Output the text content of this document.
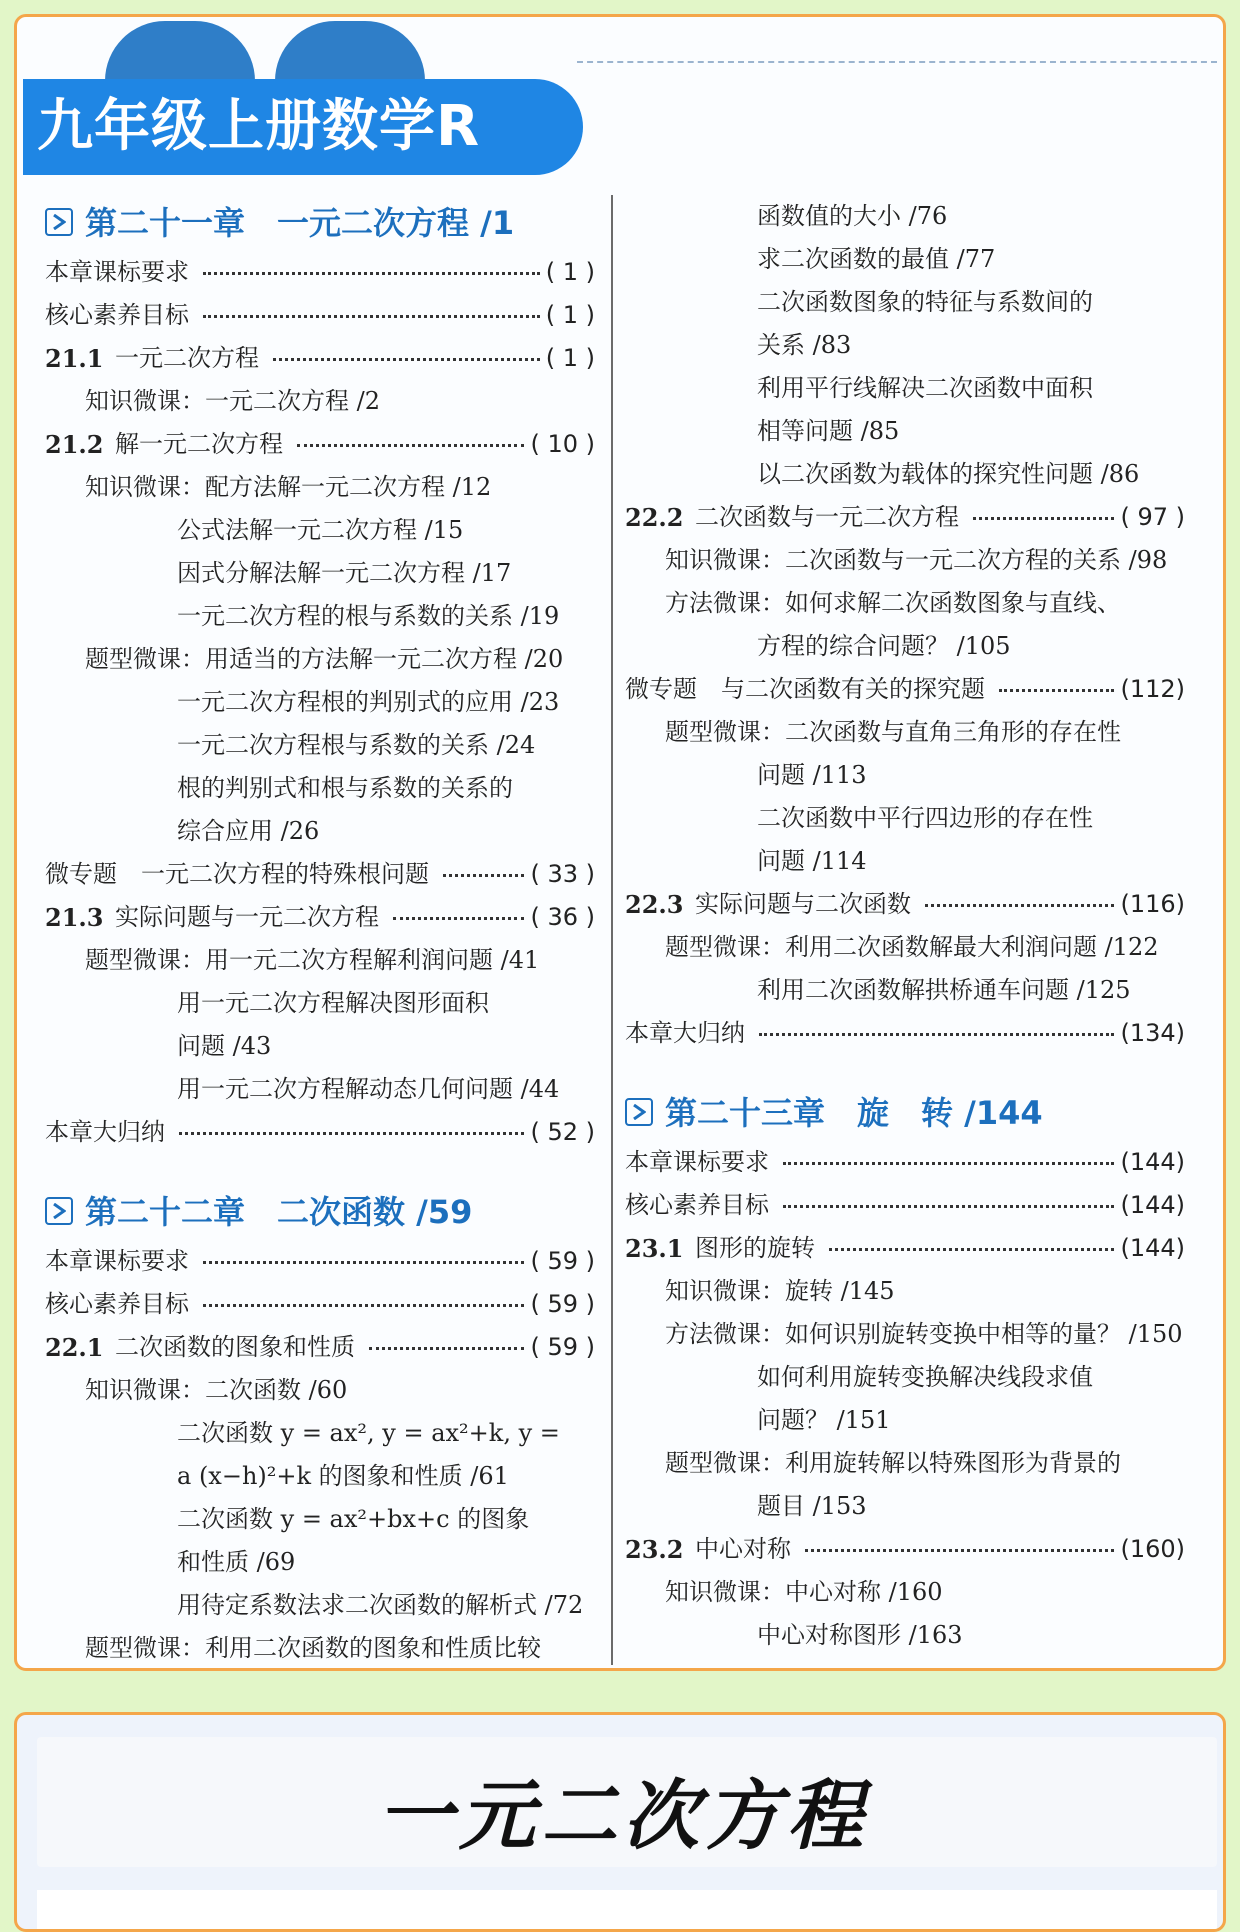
九年级上册数学R
第二十一章　一元二次方程 /1
本章课标要求	( 1 )
核心素养目标	( 1 )
21.1 一元二次方程	( 1 )
知识微课：一元二次方程 /2
21.2 解一元二次方程	( 10 )
知识微课：配方法解一元二次方程 /12
公式法解一元二次方程 /15
因式分解法解一元二次方程 /17
一元二次方程的根与系数的关系 /19
题型微课：用适当的方法解一元二次方程 /20
一元二次方程根的判别式的应用 /23
一元二次方程根与系数的关系 /24
根的判别式和根与系数的关系的
综合应用 /26
微专题　一元二次方程的特殊根问题	( 33 )
21.3 实际问题与一元二次方程	( 36 )
题型微课：用一元二次方程解利润问题 /41
用一元二次方程解决图形面积
问题 /43
用一元二次方程解动态几何问题 /44
本章大归纳	( 52 )
第二十二章　二次函数 /59
本章课标要求	( 59 )
核心素养目标	( 59 )
22.1 二次函数的图象和性质	( 59 )
知识微课：二次函数 /60
二次函数 y = ax², y = ax²+k, y =
a (x−h)²+k 的图象和性质 /61
二次函数 y = ax²+bx+c 的图象
和性质 /69
用待定系数法求二次函数的解析式 /72
题型微课：利用二次函数的图象和性质比较
函数值的大小 /76
求二次函数的最值 /77
二次函数图象的特征与系数间的
关系 /83
利用平行线解决二次函数中面积
相等问题 /85
以二次函数为载体的探究性问题 /86
22.2 二次函数与一元二次方程	( 97 )
知识微课：二次函数与一元二次方程的关系 /98
方法微课：如何求解二次函数图象与直线、
方程的综合问题？ /105
微专题　与二次函数有关的探究题	(112)
题型微课：二次函数与直角三角形的存在性
问题 /113
二次函数中平行四边形的存在性
问题 /114
22.3 实际问题与二次函数	(116)
题型微课：利用二次函数解最大利润问题 /122
利用二次函数解拱桥通车问题 /125
本章大归纳	(134)
第二十三章　旋　转 /144
本章课标要求	(144)
核心素养目标	(144)
23.1 图形的旋转	(144)
知识微课：旋转 /145
方法微课：如何识别旋转变换中相等的量？ /150
如何利用旋转变换解决线段求值
问题？ /151
题型微课：利用旋转解以特殊图形为背景的
题目 /153
23.2 中心对称	(160)
知识微课：中心对称 /160
中心对称图形 /163
一元二次方程
